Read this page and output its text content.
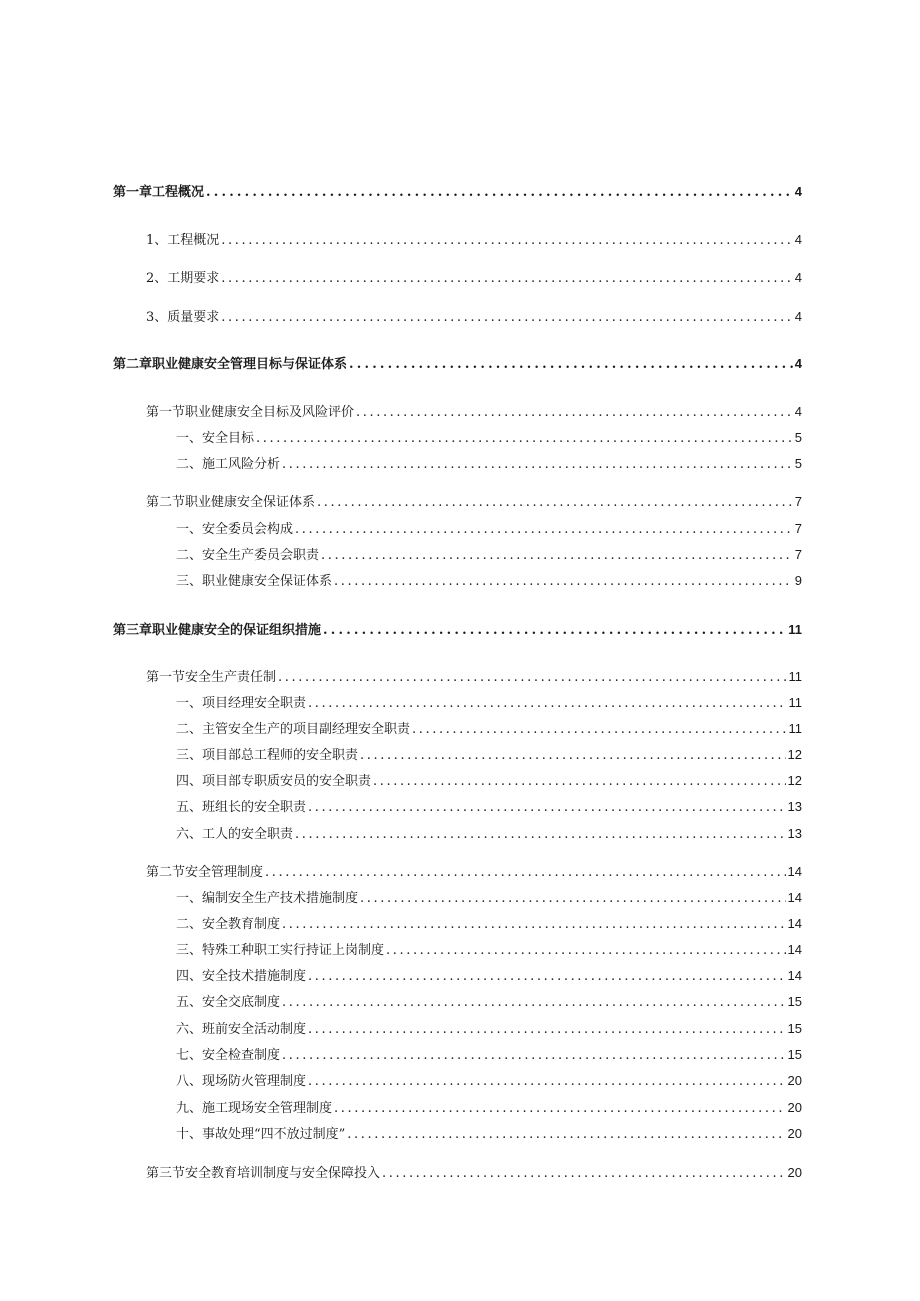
第一章工程概况 .....	4
1、工程概况 .....	4
2、工期要求 .....	4
3、质量要求 .....	4
第二章职业健康安全管理目标与保证体系 .....	4
第一节职业健康安全目标及风险评价 .....	4
一、安全目标 .....	5
二、施工风险分析 .....	5
第二节职业健康安全保证体系 .....	7
一、安全委员会构成 .....	7
二、安全生产委员会职责 .....	7
三、职业健康安全保证体系 .....	9
第三章职业健康安全的保证组织措施 .....	11
第一节安全生产责任制 .....	11
一、项目经理安全职责 .....	11
二、主管安全生产的项目副经理安全职责 .....	11
三、项目部总工程师的安全职责 .....	12
四、项目部专职质安员的安全职责 .....	12
五、班组长的安全职责 .....	13
六、工人的安全职责 .....	13
第二节安全管理制度 .....	14
一、编制安全生产技术措施制度 .....	14
二、安全教育制度 .....	14
三、特殊工种职工实行持证上岗制度 .....	14
四、安全技术措施制度 .....	14
五、安全交底制度 .....	15
六、班前安全活动制度 .....	15
七、安全检查制度 .....	15
八、现场防火管理制度 .....	20
九、施工现场安全管理制度 .....	20
十、事故处理“四不放过制度” .....	20
第三节安全教育培训制度与安全保障投入 .....	20
